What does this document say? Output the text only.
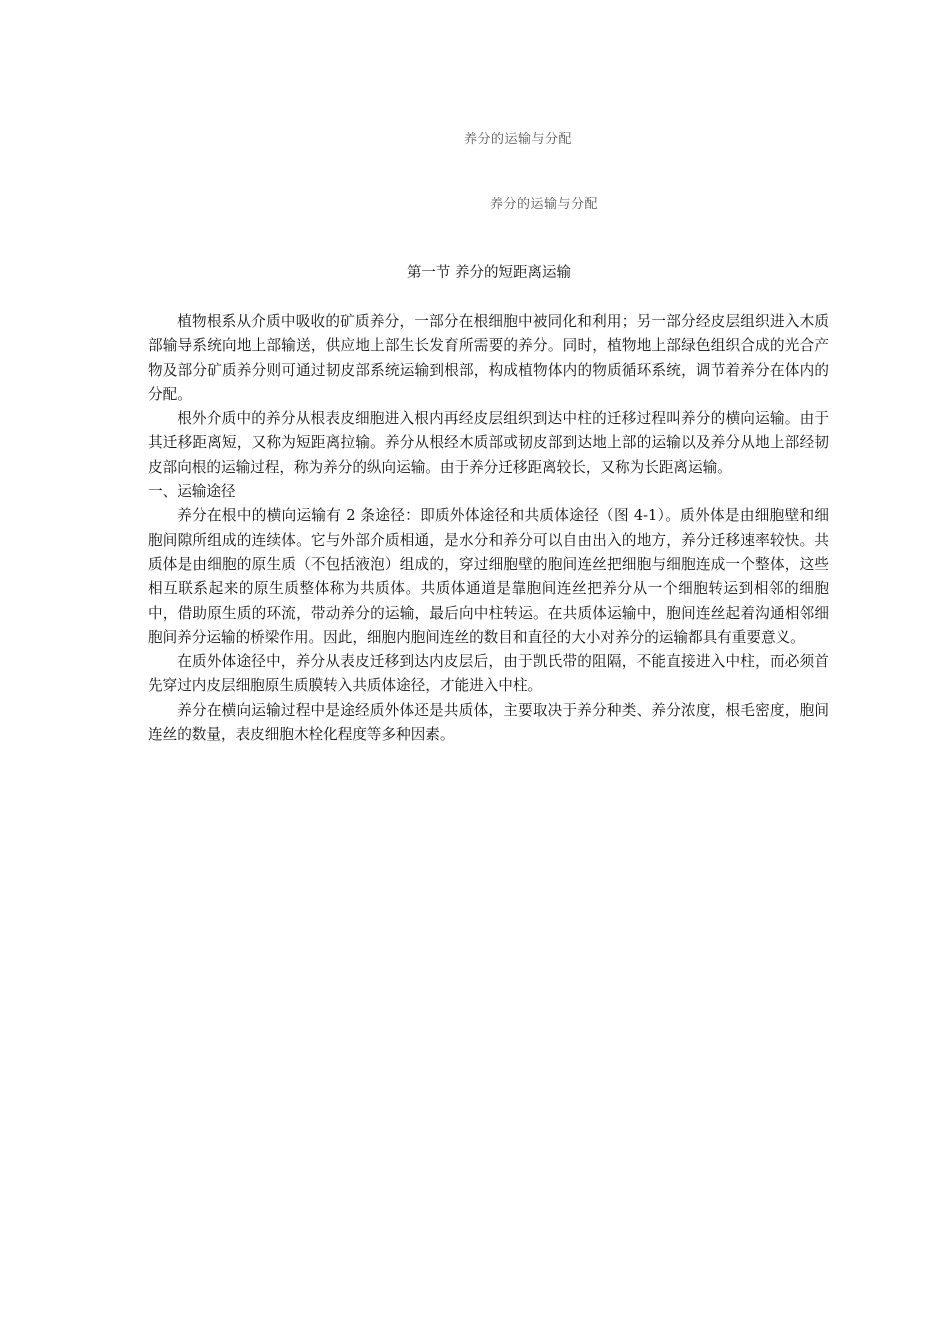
养分的运输与分配
养分的运输与分配
第一节 养分的短距离运输

植物根系从介质中吸收的矿质养分，一部分在根细胞中被同化和利用；另一部分经皮层组织进入木质部输导系统向地上部输送，供应地上部生长发育所需要的养分。同时，植物地上部绿色组织合成的光合产物及部分矿质养分则可通过韧皮部系统运输到根部，构成植物体内的物质循环系统，调节着养分在体内的分配。

根外介质中的养分从根表皮细胞进入根内再经皮层组织到达中柱的迁移过程叫养分的横向运输。由于其迁移距离短，又称为短距离拉输。养分从根经木质部或韧皮部到达地上部的运输以及养分从地上部经韧皮部向根的运输过程，称为养分的纵向运输。由于养分迁移距离较长，又称为长距离运输。

一、运输途径

养分在根中的横向运输有 2 条途径：即质外体途径和共质体途径（图 4-1）。质外体是由细胞壁和细胞间隙所组成的连续体。它与外部介质相通，是水分和养分可以自由出入的地方，养分迁移速率较快。共质体是由细胞的原生质（不包括液泡）组成的，穿过细胞壁的胞间连丝把细胞与细胞连成一个整体，这些相互联系起来的原生质整体称为共质体。共质体通道是靠胞间连丝把养分从一个细胞转运到相邻的细胞中，借助原生质的环流，带动养分的运输，最后向中柱转运。在共质体运输中，胞间连丝起着沟通相邻细胞间养分运输的桥梁作用。因此，细胞内胞间连丝的数目和直径的大小对养分的运输都具有重要意义。

在质外体途径中，养分从表皮迁移到达内皮层后，由于凯氏带的阻隔，不能直接进入中柱，而必须首先穿过内皮层细胞原生质膜转入共质体途径，才能进入中柱。

养分在横向运输过程中是途经质外体还是共质体，主要取决于养分种类、养分浓度，根毛密度，胞间连丝的数量，表皮细胞木栓化程度等多种因素。
